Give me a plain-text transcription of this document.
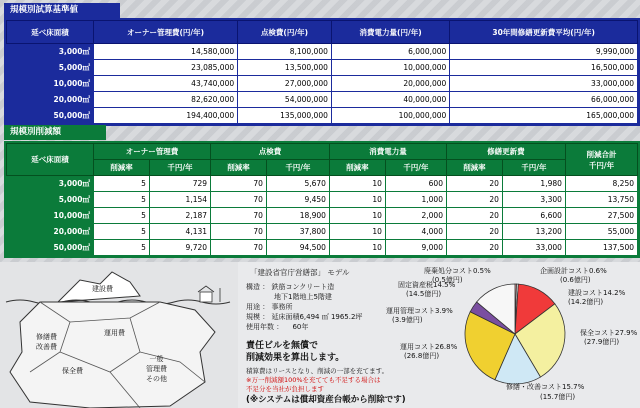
規模別試算基準値
延べ床面積	オーナー管理費(円/年)	点検費(円/年)	消費電力量(円/年)	30年間修繕更新費平均(円/年)
3,000㎡	14,580,000	8,100,000	6,000,000	9,990,000
5,000㎡	23,085,000	13,500,000	10,000,000	16,500,000
10,000㎡	43,740,000	27,000,000	20,000,000	33,000,000
20,000㎡	82,620,000	54,000,000	40,000,000	66,000,000
50,000㎡	194,400,000	135,000,000	100,000,000	165,000,000
規模別削減額
延べ床面積	オーナー管理費		点検費		消費電力量		修繕更新費		削減合計
千円/年

	削減率	千円/年	削減率	千円/年	削減率	千円/年	削減率	千円/年	
3,000㎡	5	729	70	5,670	10	600	20	1,980	8,250
5,000㎡	5	1,154	70	9,450	10	1,000	20	3,300	13,750
10,000㎡	5	2,187	70	18,900	10	2,000	20	6,600	27,500
20,000㎡	5	4,131	70	37,800	10	4,000	20	13,200	55,000
50,000㎡	5	9,720	70	94,500	10	9,000	20	33,000	137,500
建設費
修繕費
改善費
運用費
保全費
一般
管理費
その他
「建設省官庁営繕部」 モデル
構造 ： 鉄筋コンクリート造
　　　　地下1階地上5階建
用途 ： 事務所
規模 ： 延床面積6,494 ㎡ 1965.2坪
使用年数 ： 　60年
責任ビルを無償で
削減効果を算出します。
積算費はリースとなり、削減の一部を充てます。
※万一削減額100%を充てても不足する場合は
不足分を当社が負担します
(※システムは償却資産台帳から削除です)
廃棄処分コスト0.5%
(0.5億円)
企画設計コスト0.6%
(0.6億円)
建設コスト14.2%
(14.2億円)
保全コスト27.9%
(27.9億円)
修繕・改善コスト15.7%
(15.7億円)
運用コスト26.8%
(26.8億円)
運用管理コスト3.9%
(3.9億円)
固定資産税14.5%
(14.5億円)
